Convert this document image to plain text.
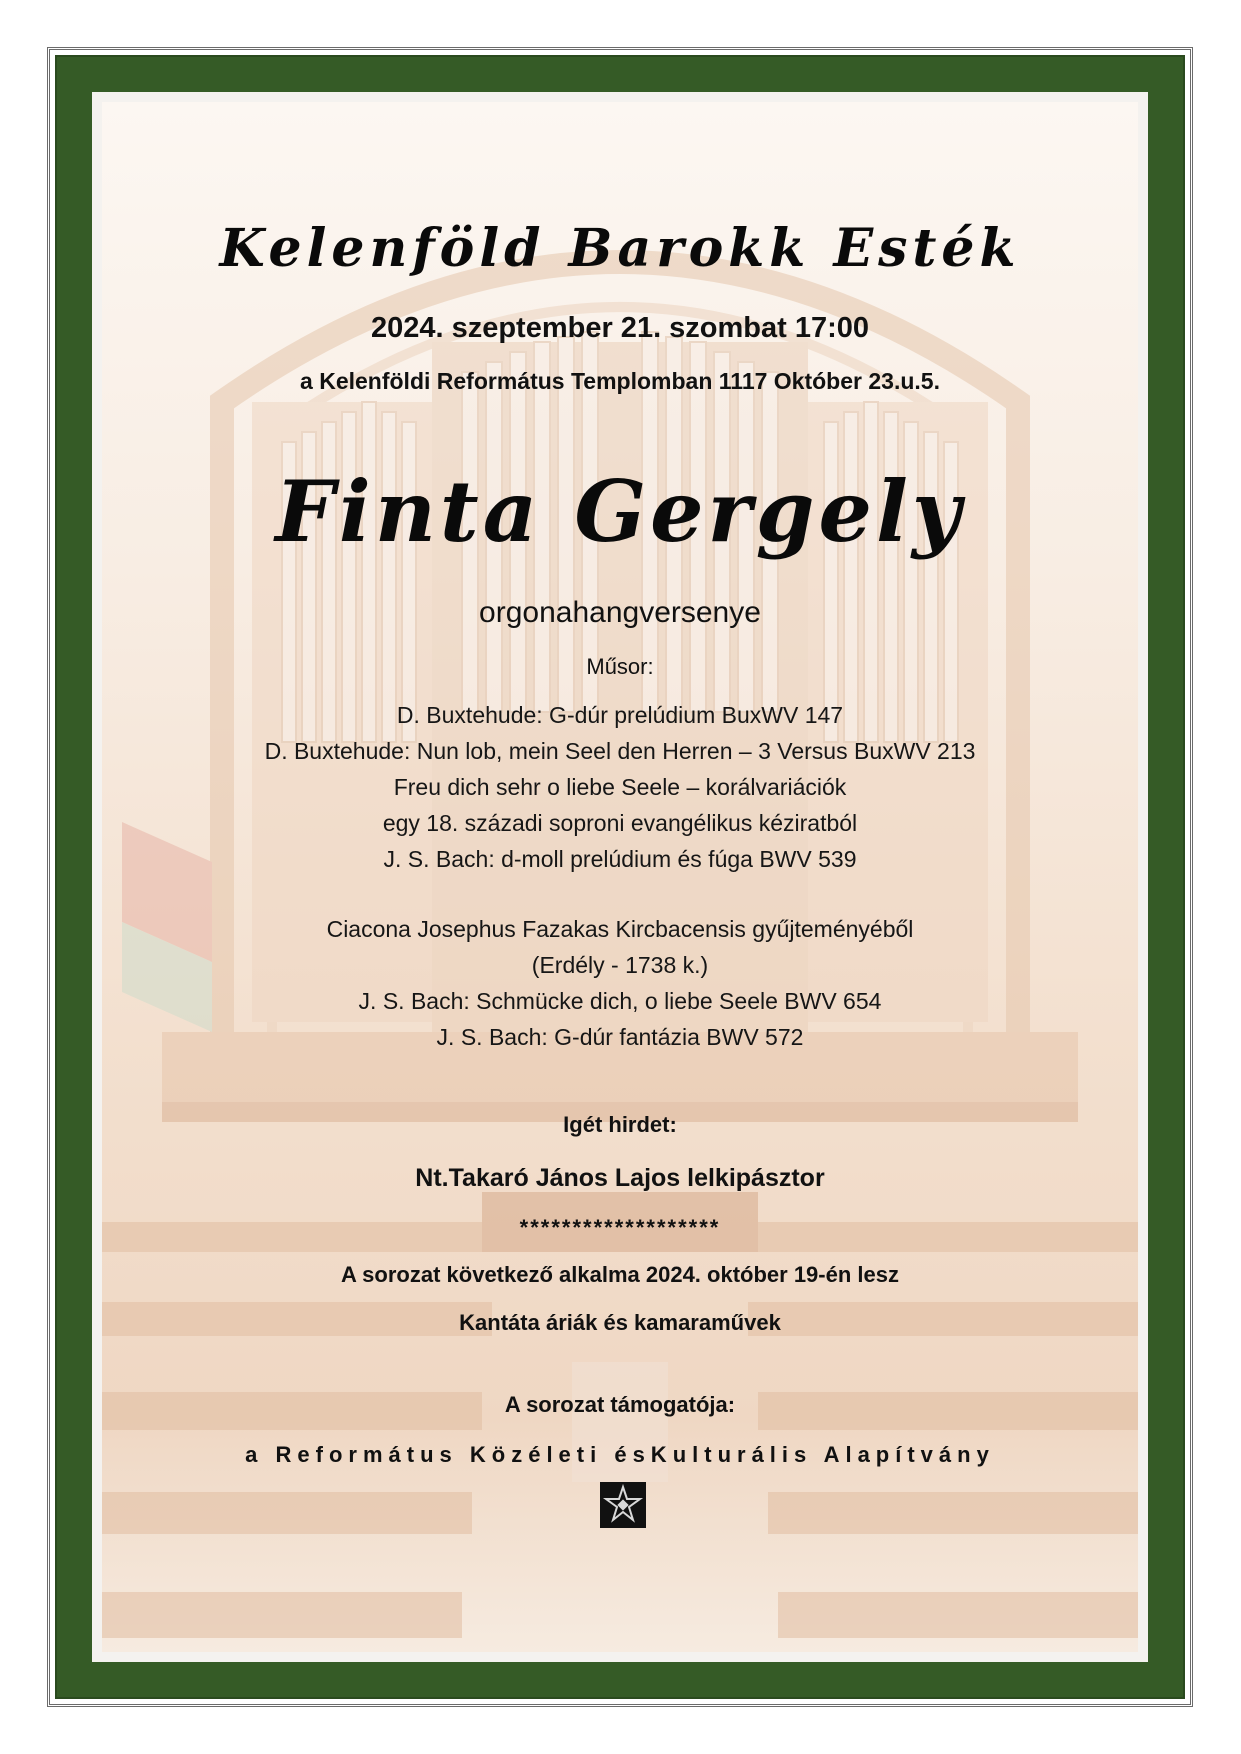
Kelenföld Barokk Esték
2024. szeptember 21. szombat 17:00
a Kelenföldi Református Templomban 1117 Október 23.u.5.
Finta Gergely
orgonahangversenye
Műsor:
D. Buxtehude: G-dúr prelúdium BuxWV 147
D. Buxtehude: Nun lob, mein Seel den Herren – 3 Versus BuxWV 213
Freu dich sehr o liebe Seele – korálvariációk
egy 18. századi soproni evangélikus kéziratból
J. S. Bach: d-moll prelúdium és fúga BWV 539
Ciacona Josephus Fazakas Kircbacensis gyűjteményéből
(Erdély - 1738 k.)
J. S. Bach: Schmücke dich, o liebe Seele BWV 654
J. S. Bach: G-dúr fantázia BWV 572
Igét hirdet:
Nt.Takaró János Lajos lelkipásztor
*******************
A sorozat következő alkalma 2024. október 19-én lesz
Kantáta áriák és kamaraművek
A sorozat támogatója:
a Református Közéleti ésKulturális Alapítvány
